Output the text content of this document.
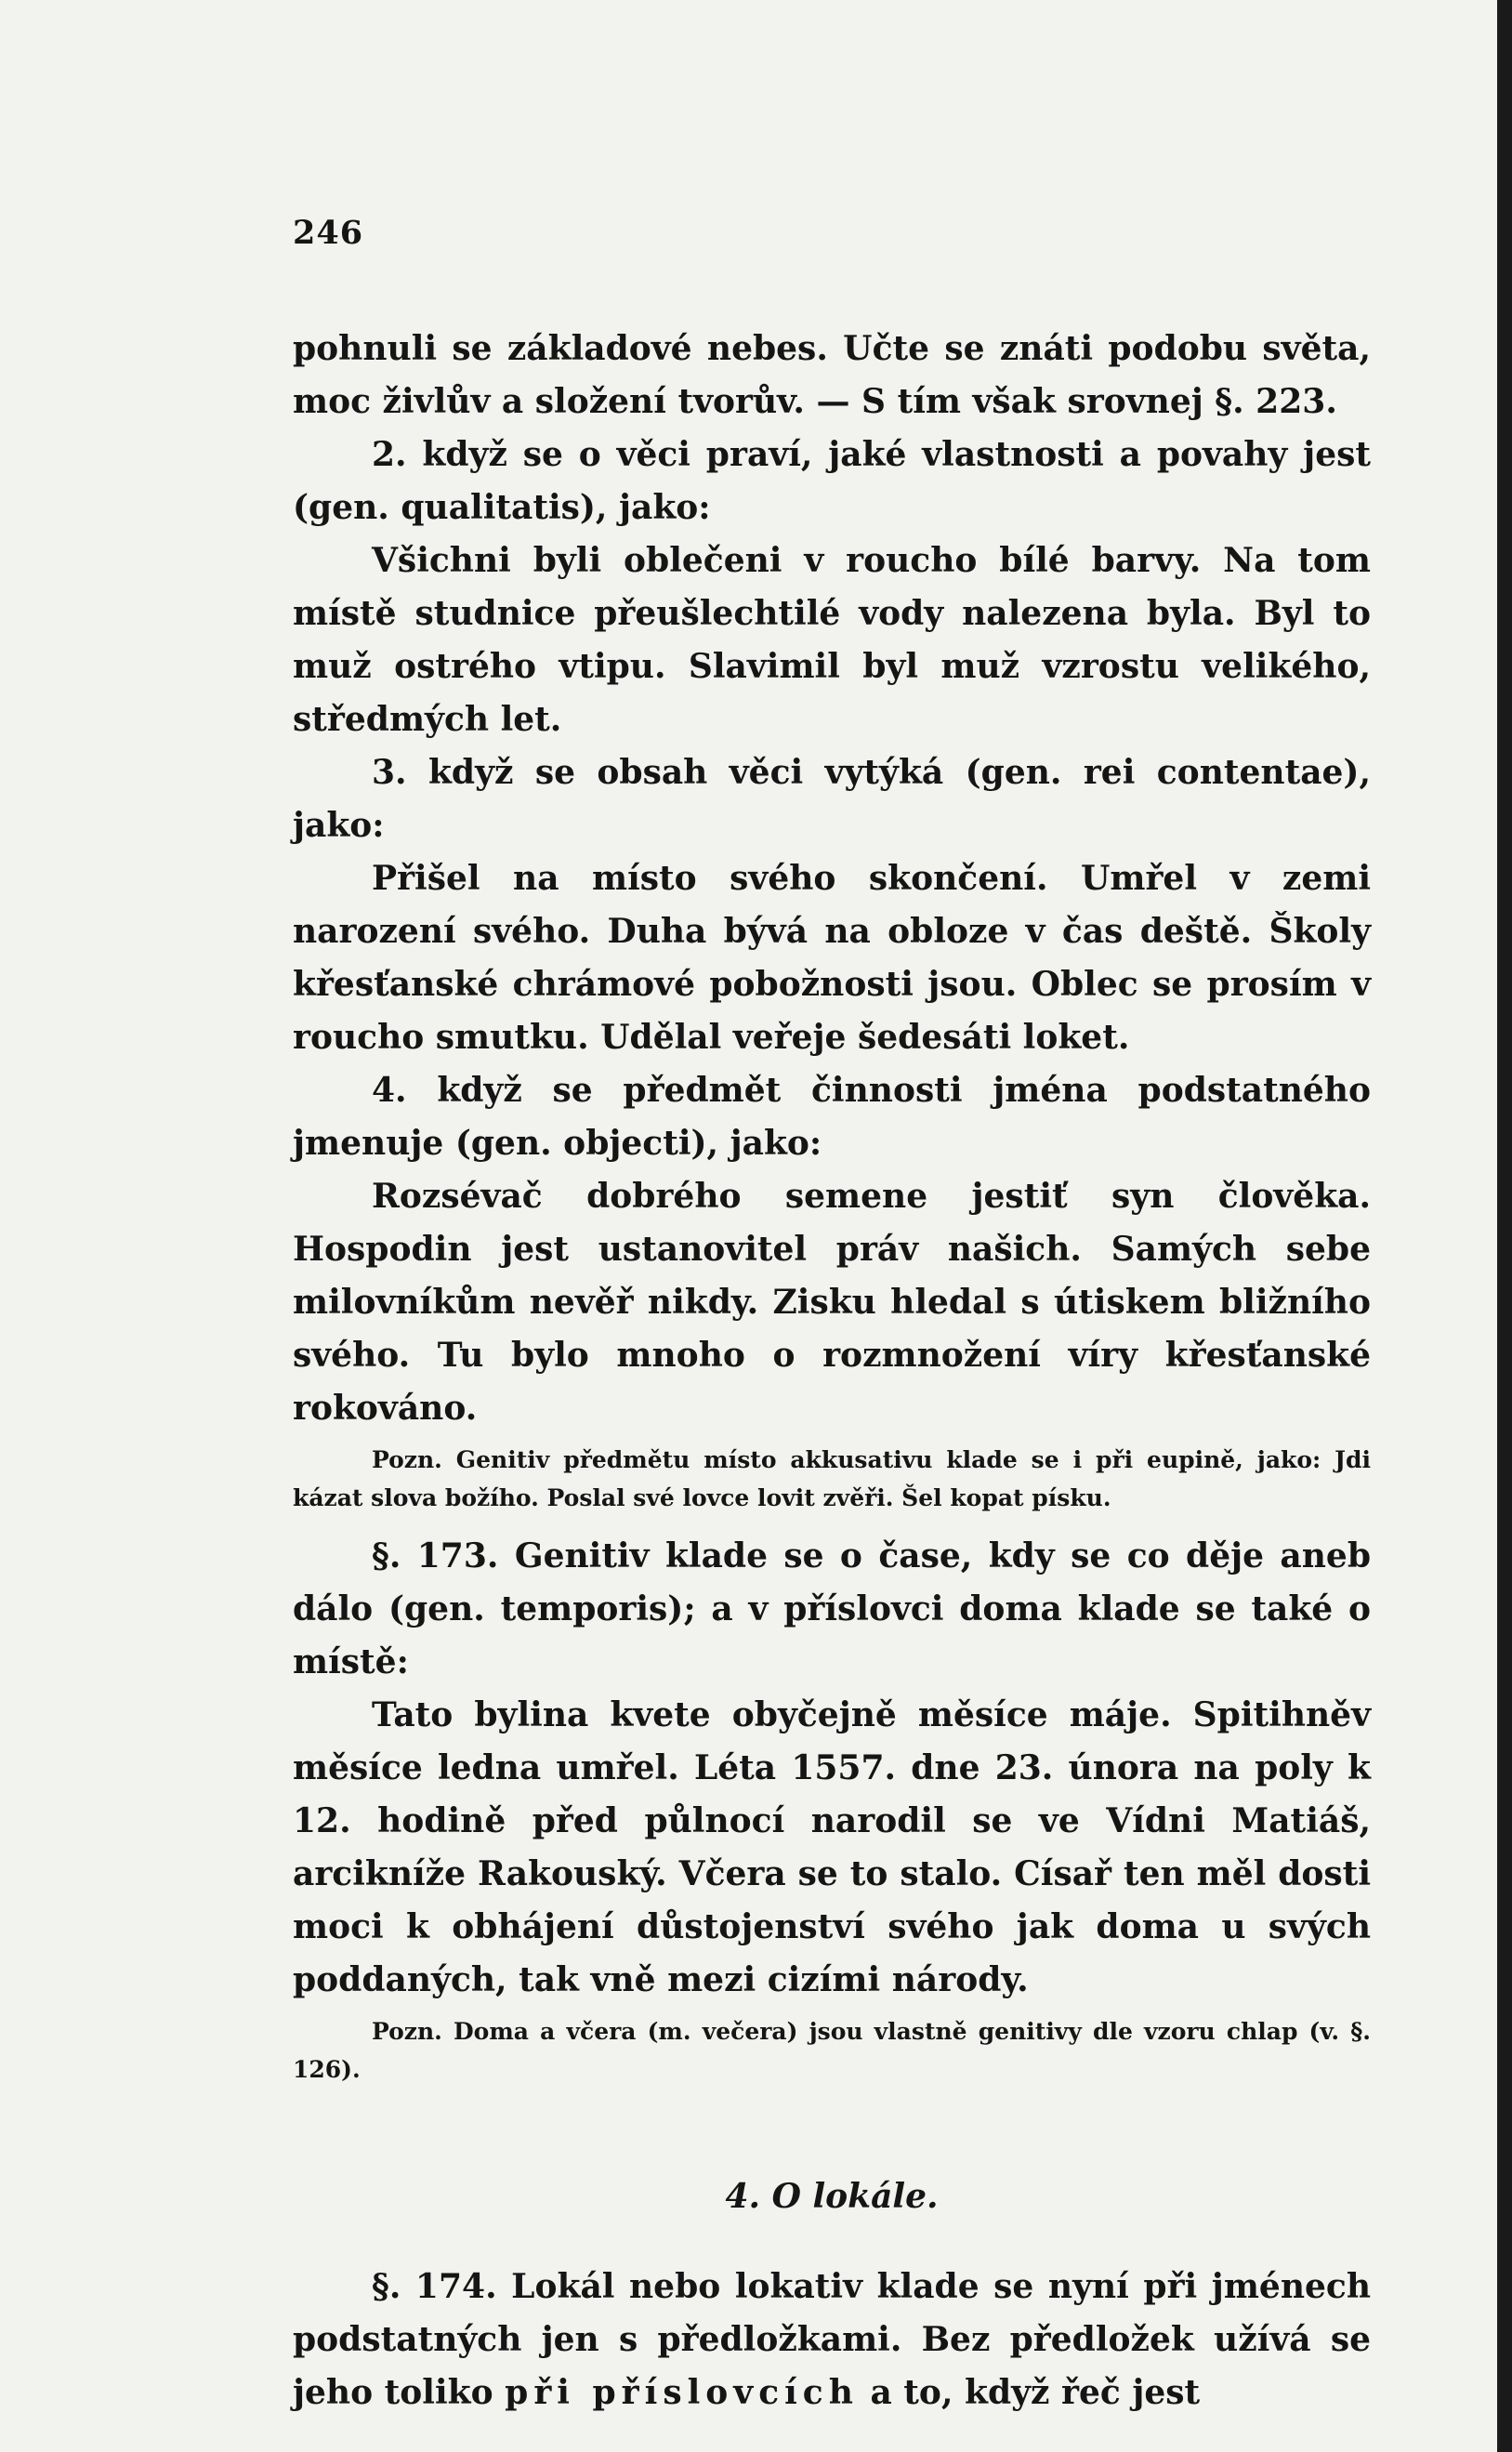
246

pohnuli se základové nebes. Učte se znáti podobu světa, moc živlův a složení tvorův. — S tím však srovnej §. 223.

2. když se o věci praví, jaké vlastnosti a povahy jest (gen. qualitatis), jako:

Všichni byli oblečeni v roucho bílé barvy. Na tom místě studnice přeušlechtilé vody nalezena byla. Byl to muž ostrého vtipu. Slavimil byl muž vzrostu velikého, středmých let.

3. když se obsah věci vytýká (gen. rei contentae), jako:

Přišel na místo svého skončení. Umřel v zemi narození svého. Duha bývá na obloze v čas deště. Školy křesťanské chrámové pobožnosti jsou. Oblec se prosím v roucho smutku. Udělal veřeje šedesáti loket.

4. když se předmět činnosti jména podstatného jmenuje (gen. objecti), jako:

Rozsévač dobrého semene jestiť syn člověka. Hospodin jest ustanovitel práv našich. Samých sebe milovníkům nevěř nikdy. Zisku hledal s útiskem bližního svého. Tu bylo mnoho o rozmnožení víry křesťanské rokováno.

Pozn. Genitiv předmětu místo akkusativu klade se i při eupině, jako: Jdi kázat slova božího. Poslal své lovce lovit zvěři. Šel kopat písku.

§. 173. Genitiv klade se o čase, kdy se co děje aneb dálo (gen. temporis); a v příslovci doma klade se také o místě:

Tato bylina kvete obyčejně měsíce máje. Spitihněv měsíce ledna umřel. Léta 1557. dne 23. února na poly k 12. hodině před půlnocí narodil se ve Vídni Matiáš, arcikníže Rakouský. Včera se to stalo. Císař ten měl dosti moci k obhájení důstojenství svého jak doma u svých poddaných, tak vně mezi cizími národy.

Pozn. Doma a včera (m. večera) jsou vlastně genitivy dle vzoru chlap (v. §. 126).

4. O lokále.

§. 174. Lokál nebo lokativ klade se nyní při jménech podstatných jen s předložkami. Bez předložek užívá se jeho toliko při příslovcích a to, když řeč jest
